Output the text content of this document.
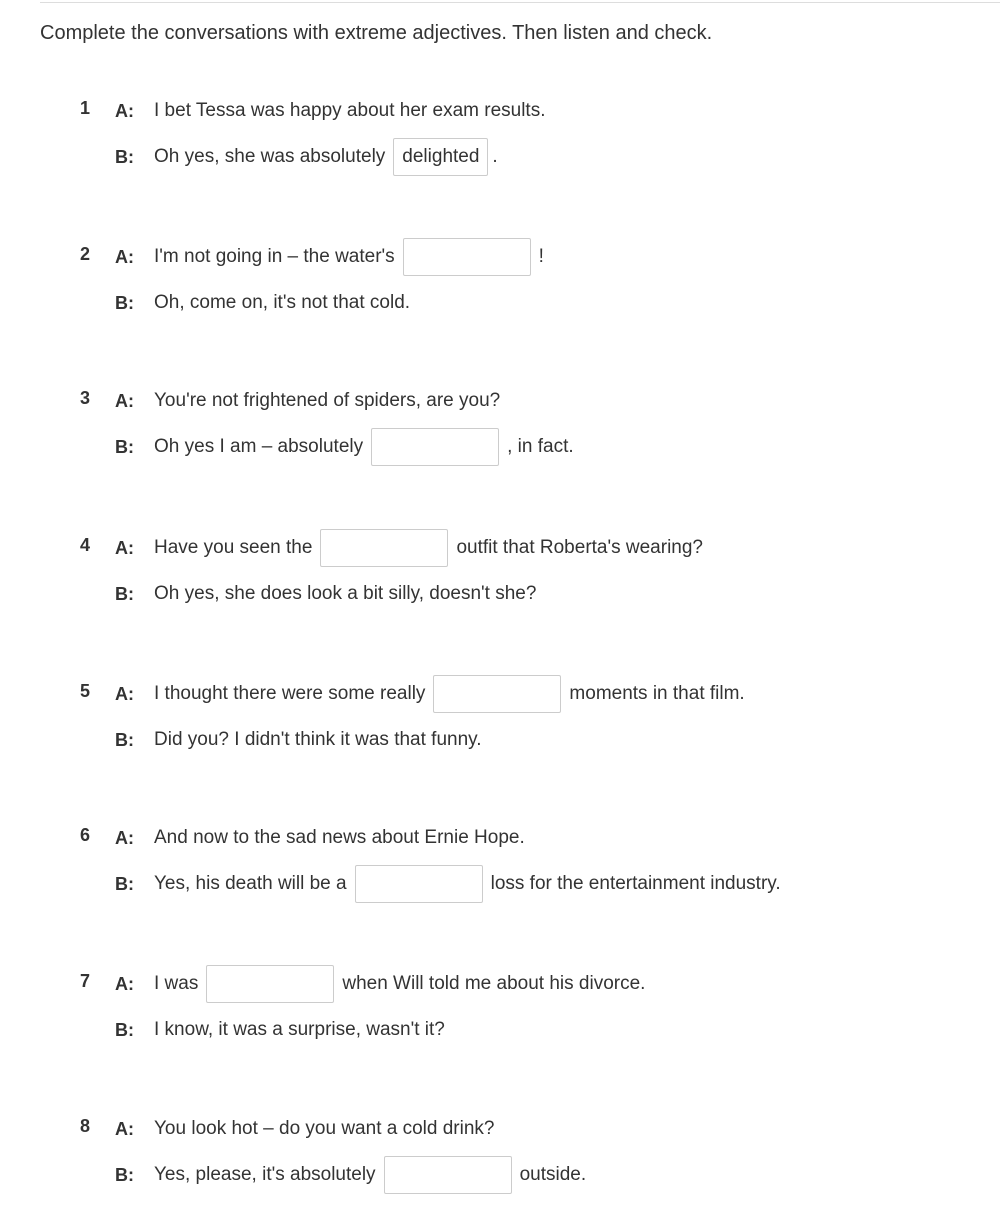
Complete the conversations with extreme adjectives. Then listen and check.
1 A:	I bet Tessa was happy about her exam results.
B:	Oh yes, she was absolutely delighted .
2 A:	I'm not going in – the water's	!
B:	Oh, come on, it's not that cold.
3 A:	You're not frightened of spiders, are you?
B:	Oh yes I am – absolutely	, in fact.
4 A:	Have you seen the	outfit that Roberta's wearing?
B:	Oh yes, she does look a bit silly, doesn't she?
5 A:	I thought there were some really	moments in that film.
B:	Did you? I didn't think it was that funny.
6 A:	And now to the sad news about Ernie Hope.
B:	Yes, his death will be a	loss for the entertainment industry.
7 A:	I was	when Will told me about his divorce.
B:	I know, it was a surprise, wasn't it?
8 A:	You look hot – do you want a cold drink?
B:	Yes, please, it's absolutely	outside.
